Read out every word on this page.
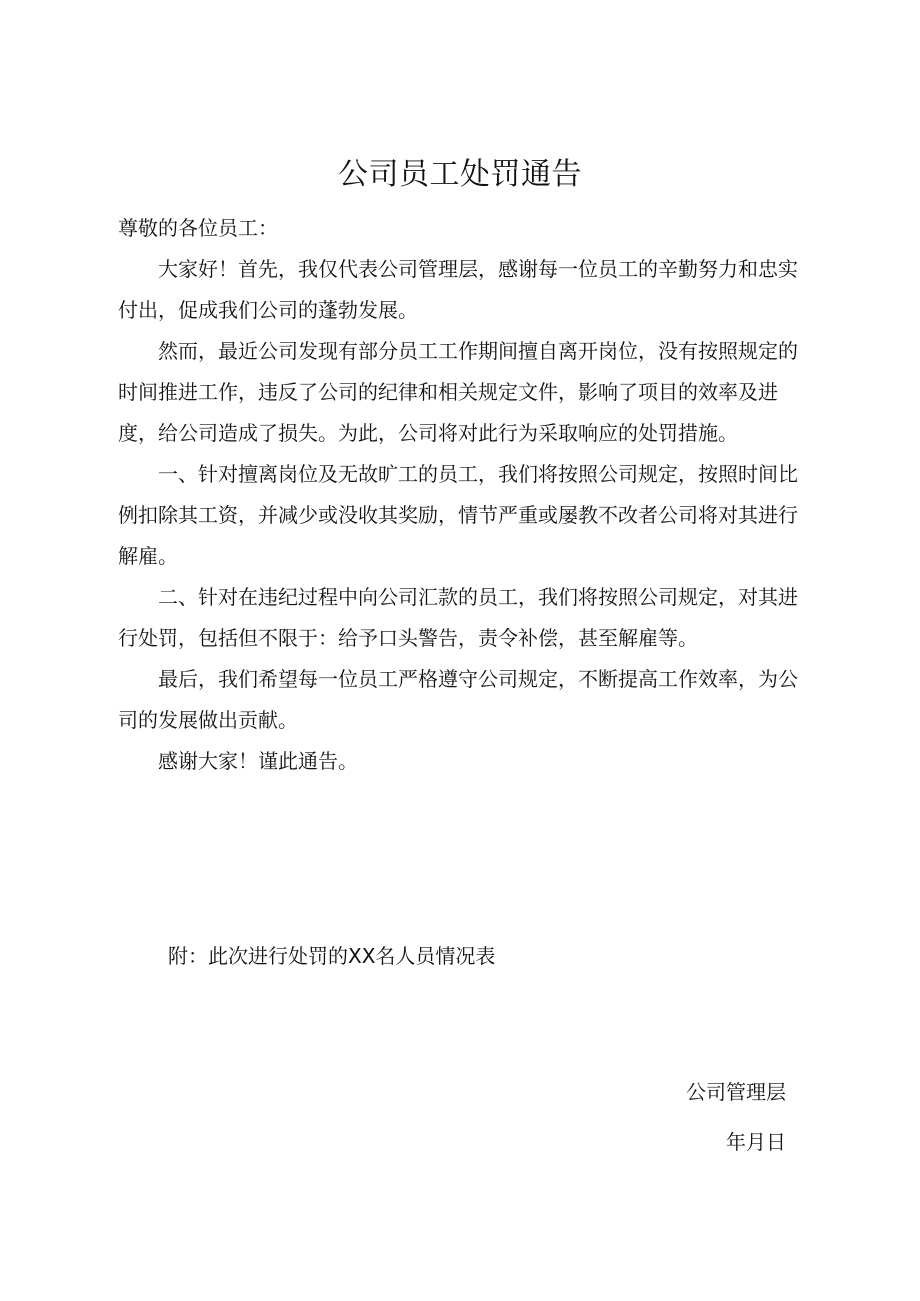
公司员工处罚通告

尊敬的各位员工：

大家好！首先，我仅代表公司管理层，感谢每一位员工的辛勤努力和忠实付出，促成我们公司的蓬勃发展。

然而，最近公司发现有部分员工工作期间擅自离开岗位，没有按照规定的时间推进工作，违反了公司的纪律和相关规定文件，影响了项目的效率及进度，给公司造成了损失。为此，公司将对此行为采取响应的处罚措施。

一、针对擅离岗位及无故旷工的员工，我们将按照公司规定，按照时间比例扣除其工资，并减少或没收其奖励，情节严重或屡教不改者公司将对其进行解雇。

二、针对在违纪过程中向公司汇款的员工，我们将按照公司规定，对其进行处罚，包括但不限于：给予口头警告，责令补偿，甚至解雇等。

最后，我们希望每一位员工严格遵守公司规定，不断提高工作效率，为公司的发展做出贡献。

感谢大家！谨此通告。

附：此次进行处罚的XX名人员情况表
公司管理层
年月日
